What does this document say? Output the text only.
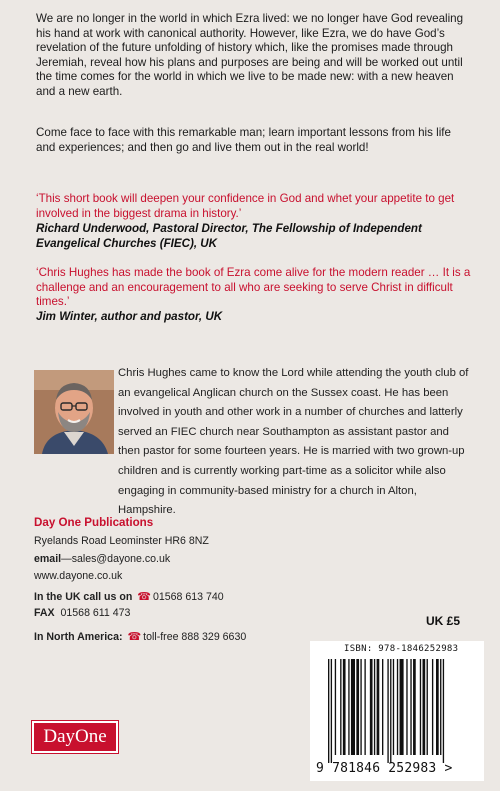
We are no longer in the world in which Ezra lived: we no longer have God revealing his hand at work with canonical authority. However, like Ezra, we do have God’s revelation of the future unfolding of history which, like the promises made through Jeremiah, reveal how his plans and purposes are being and will be worked out until the time comes for the world in which we live to be made new: with a new heaven and a new earth.

Come face to face with this remarkable man; learn important lessons from his life and experiences; and then go and live them out in the real world!

‘This short book will deepen your confidence in God and whet your appetite to get involved in the biggest drama in history.’

Richard Underwood, Pastoral Director, The Fellowship of Independent Evangelical Churches (FIEC), UK

‘Chris Hughes has made the book of Ezra come alive for the modern reader … It is a challenge and an encouragement to all who are seeking to serve Christ in difficult times.’

Jim Winter, author and pastor, UK

Chris Hughes came to know the Lord while attending the youth club of an evangelical Anglican church on the Sussex coast. He has been involved in youth and other work in a number of churches and latterly served an FIEC church near Southampton as assistant pastor and then pastor for some fourteen years. He is married with two grown-up children and is currently working part-time as a solicitor while also engaging in community-based ministry for a church in Alton, Hampshire.

Day One Publications
Ryelands Road Leominster HR6 8NZ
email—sales@dayone.co.uk
www.dayone.co.uk
In the UK call us on ☎ 01568 613 740
FAX 01568 611 473
In North America: ☎ toll-free 888 329 6630
UK £5
ISBN: 978-1846252983
9 781846 252983 >
DayOne
